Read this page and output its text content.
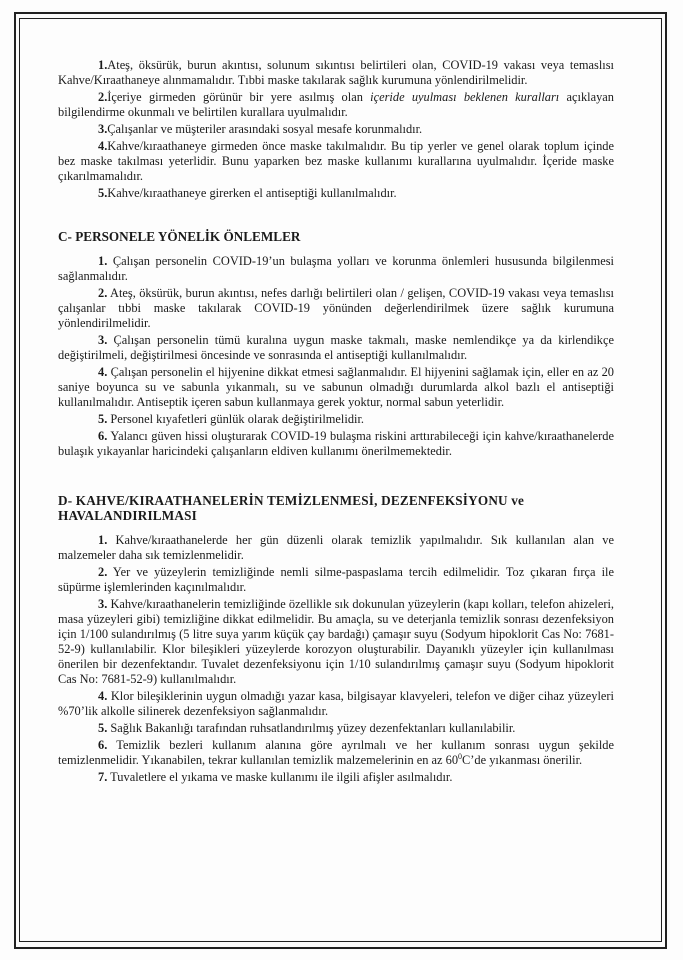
1.Ateş, öksürük, burun akıntısı, solunum sıkıntısı belirtileri olan, COVID-19 vakası veya temaslısı Kahve/Kıraathaneye alınmamalıdır. Tıbbi maske takılarak sağlık kurumuna yönlendirilmelidir.

2.İçeriye girmeden görünür bir yere asılmış olan içeride uyulması beklenen kuralları açıklayan bilgilendirme okunmalı ve belirtilen kurallara uyulmalıdır.

3.Çalışanlar ve müşteriler arasındaki sosyal mesafe korunmalıdır.

4.Kahve/kıraathaneye girmeden önce maske takılmalıdır. Bu tip yerler ve genel olarak toplum içinde bez maske takılması yeterlidir. Bunu yaparken bez maske kullanımı kurallarına uyulmalıdır. İçeride maske çıkarılmamalıdır.

5.Kahve/kıraathaneye girerken el antiseptiği kullanılmalıdır.

C- PERSONELE YÖNELİK ÖNLEMLER

1. Çalışan personelin COVID-19’un bulaşma yolları ve korunma önlemleri hususunda bilgilenmesi sağlanmalıdır.

2. Ateş, öksürük, burun akıntısı, nefes darlığı belirtileri olan / gelişen, COVID-19 vakası veya temaslısı çalışanlar tıbbi maske takılarak COVID-19 yönünden değerlendirilmek üzere sağlık kurumuna yönlendirilmelidir.

3. Çalışan personelin tümü kuralına uygun maske takmalı, maske nemlendikçe ya da kirlendikçe değiştirilmeli, değiştirilmesi öncesinde ve sonrasında el antiseptiği kullanılmalıdır.

4. Çalışan personelin el hijyenine dikkat etmesi sağlanmalıdır. El hijyenini sağlamak için, eller en az 20 saniye boyunca su ve sabunla yıkanmalı, su ve sabunun olmadığı durumlarda alkol bazlı el antiseptiği kullanılmalıdır. Antiseptik içeren sabun kullanmaya gerek yoktur, normal sabun yeterlidir.

5. Personel kıyafetleri günlük olarak değiştirilmelidir.

6. Yalancı güven hissi oluşturarak COVID-19 bulaşma riskini arttırabileceği için kahve/kıraathanelerde bulaşık yıkayanlar haricindeki çalışanların eldiven kullanımı önerilmemektedir.

D- KAHVE/KIRAATHANELERİN TEMİZLENMESİ, DEZENFEKSİYONU ve
HAVALANDIRILMASI

1. Kahve/kıraathanelerde her gün düzenli olarak temizlik yapılmalıdır. Sık kullanılan alan ve malzemeler daha sık temizlenmelidir.

2. Yer ve yüzeylerin temizliğinde nemli silme-paspaslama tercih edilmelidir. Toz çıkaran fırça ile süpürme işlemlerinden kaçınılmalıdır.

3. Kahve/kıraathanelerin temizliğinde özellikle sık dokunulan yüzeylerin (kapı kolları, telefon ahizeleri, masa yüzeyleri gibi) temizliğine dikkat edilmelidir. Bu amaçla, su ve deterjanla temizlik sonrası dezenfeksiyon için 1/100 sulandırılmış (5 litre suya yarım küçük çay bardağı) çamaşır suyu (Sodyum hipoklorit Cas No: 7681-52-9) kullanılabilir. Klor bileşikleri yüzeylerde korozyon oluşturabilir. Dayanıklı yüzeyler için kullanılması önerilen bir dezenfektandır. Tuvalet dezenfeksiyonu için 1/10 sulandırılmış çamaşır suyu (Sodyum hipoklorit Cas No: 7681-52-9) kullanılmalıdır.

4. Klor bileşiklerinin uygun olmadığı yazar kasa, bilgisayar klavyeleri, telefon ve diğer cihaz yüzeyleri %70’lik alkolle silinerek dezenfeksiyon sağlanmalıdır.

5. Sağlık Bakanlığı tarafından ruhsatlandırılmış yüzey dezenfektanları kullanılabilir.

6. Temizlik bezleri kullanım alanına göre ayrılmalı ve her kullanım sonrası uygun şekilde temizlenmelidir. Yıkanabilen, tekrar kullanılan temizlik malzemelerinin en az $60^0C’de$ yıkanması önerilir.

7. Tuvaletlere el yıkama ve maske kullanımı ile ilgili afişler asılmalıdır.
